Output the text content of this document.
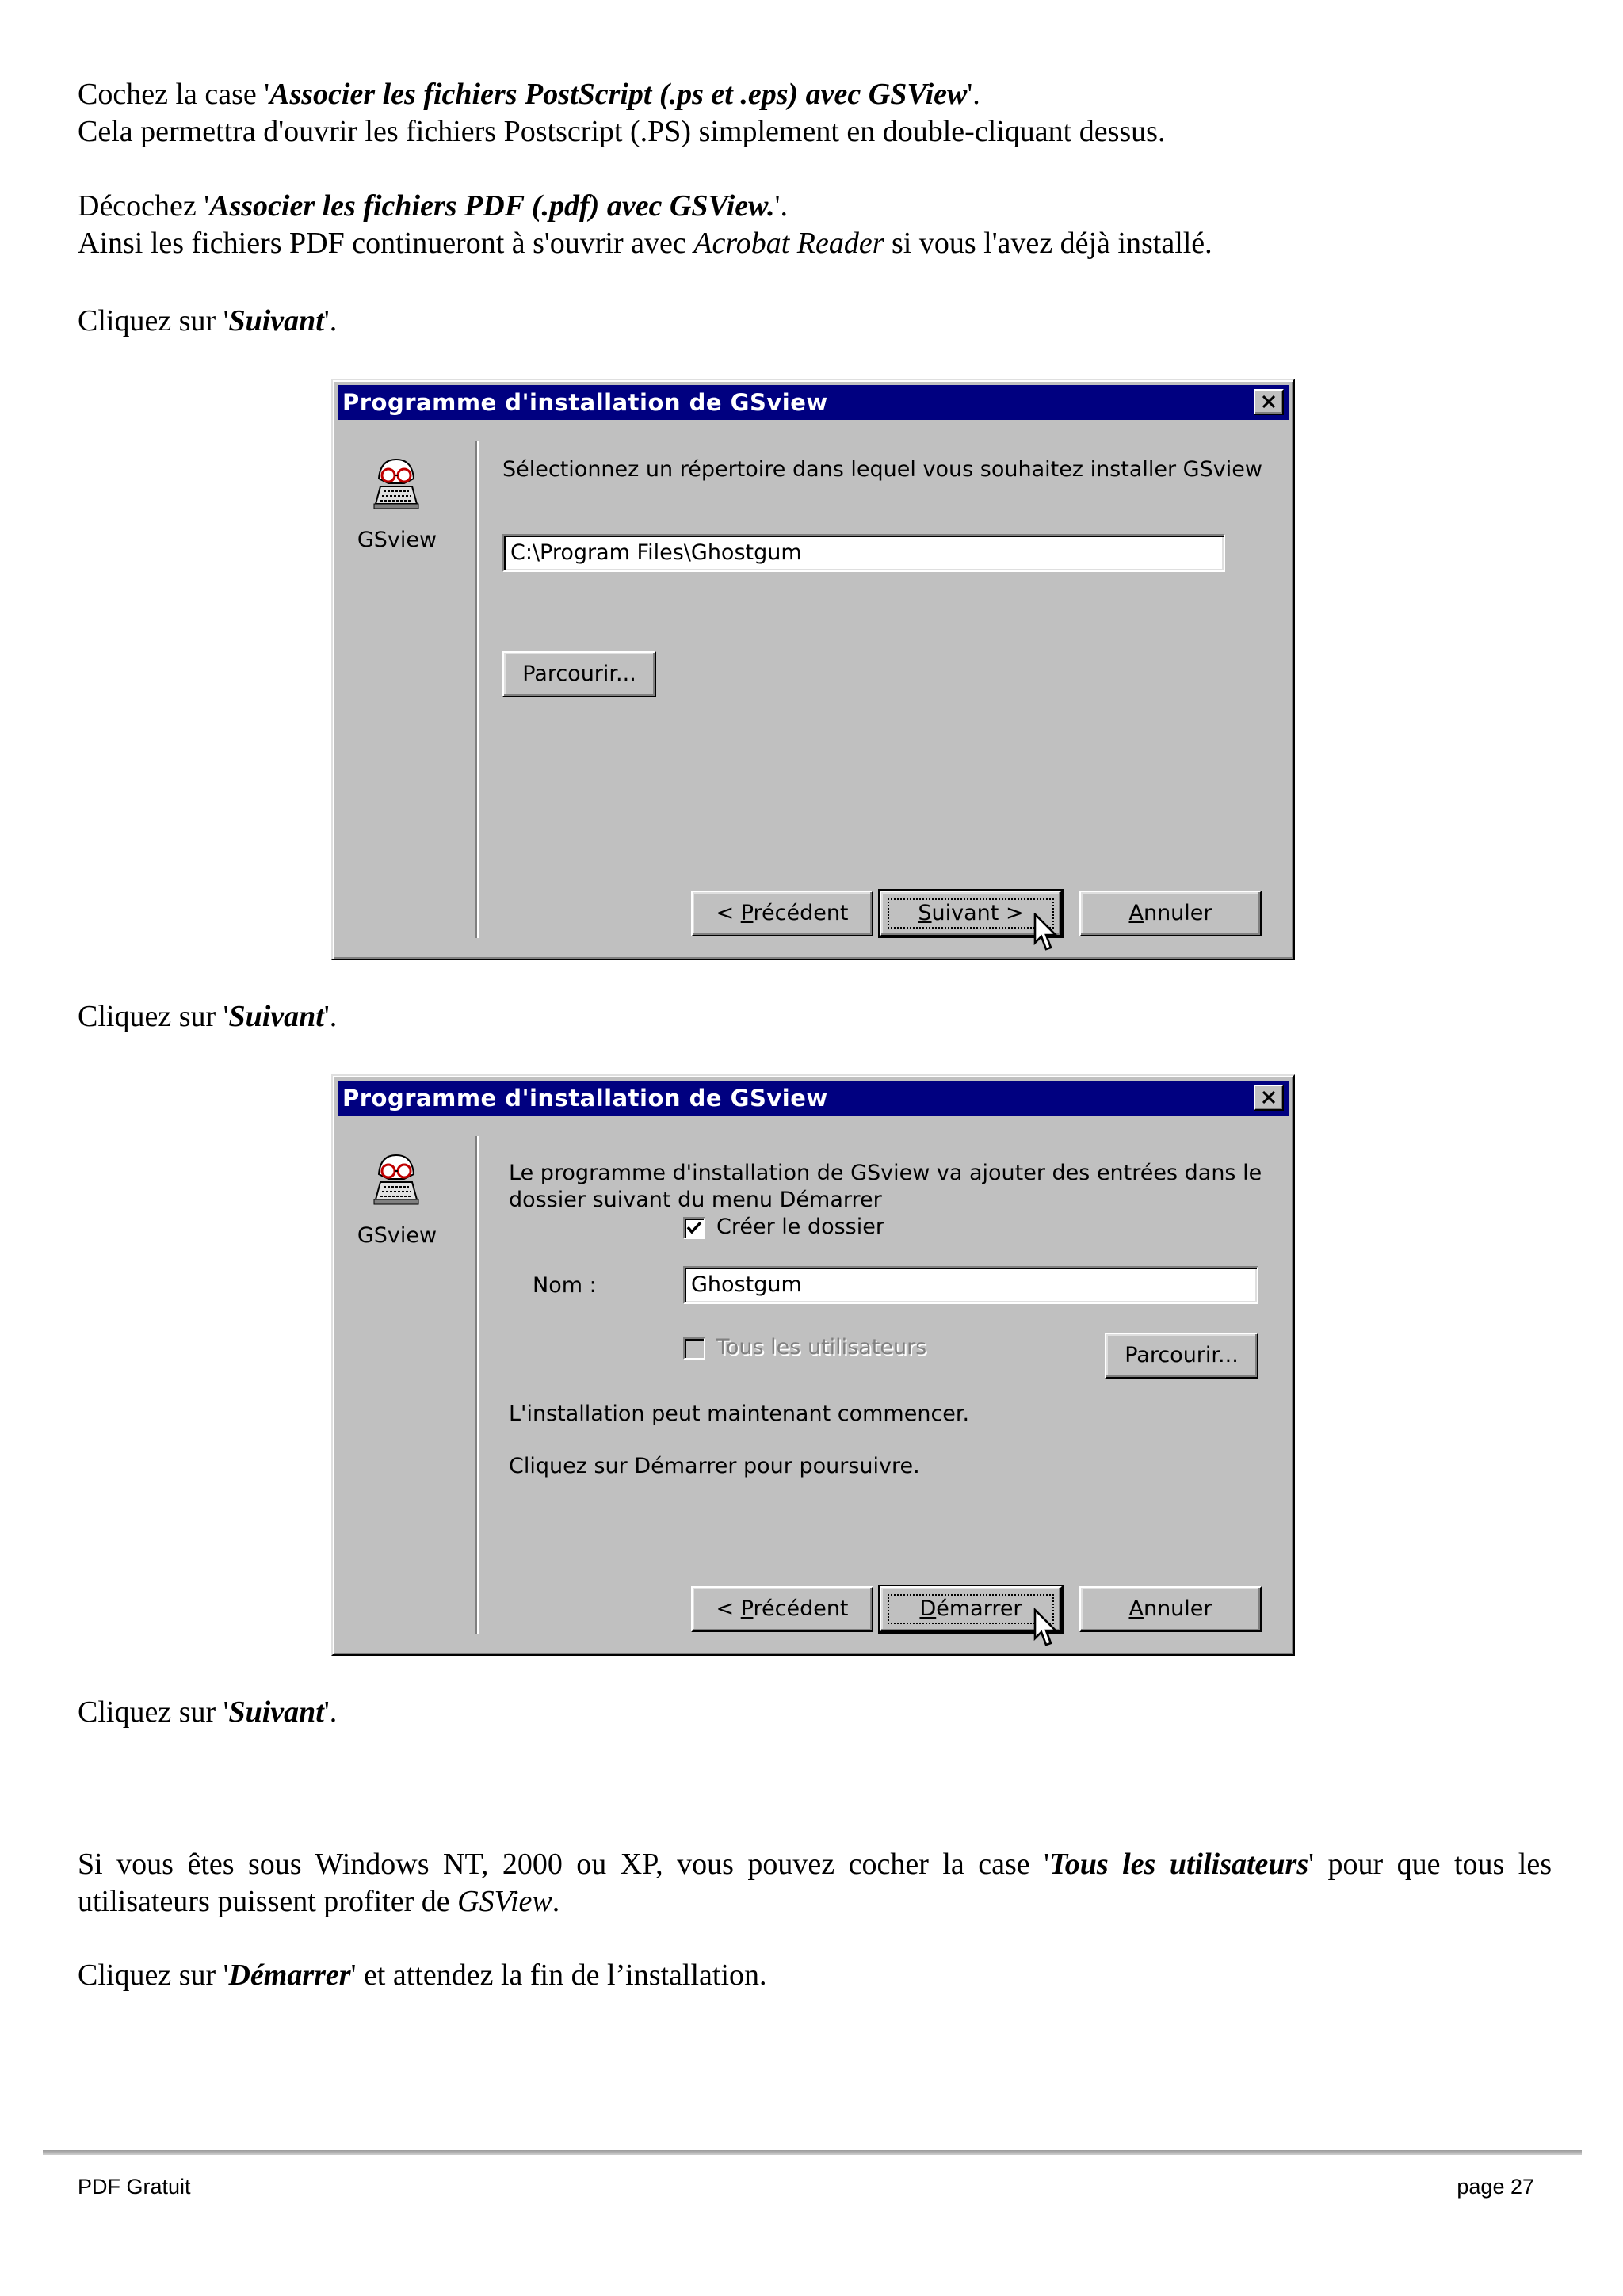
Cochez la case 'Associer les fichiers PostScript (.ps et .eps) avec GSView'.
Cela permettra d'ouvrir les fichiers Postscript (.PS) simplement en double-cliquant dessus.

Décochez 'Associer les fichiers PDF (.pdf) avec GSView.'.
Ainsi les fichiers PDF continueront à s'ouvrir avec Acrobat Reader si vous l'avez déjà installé.

Cliquez sur 'Suivant'.

Programme d'installation de GSview
GSview
Sélectionnez un répertoire dans lequel vous souhaitez installer GSview
C:\Program Files\Ghostgum
Parcourir...
< Précédent	Suivant >	Annuler

Cliquez sur 'Suivant'.

Programme d'installation de GSview
GSview
Le programme d'installation de GSview va ajouter des entrées dans le
dossier suivant du menu Démarrer
Créer le dossier
Nom :	Ghostgum
Tous les utilisateurs	Parcourir...
L'installation peut maintenant commencer.
Cliquez sur Démarrer pour poursuivre.
< Précédent	Démarrer	Annuler

Cliquez sur 'Suivant'.

Si vous êtes sous Windows NT, 2000 ou XP, vous pouvez cocher la case 'Tous les utilisateurs' pour que tous les utilisateurs puissent profiter de GSView.

Cliquez sur 'Démarrer' et attendez la fin de l’installation.

PDF Gratuit	page 27
